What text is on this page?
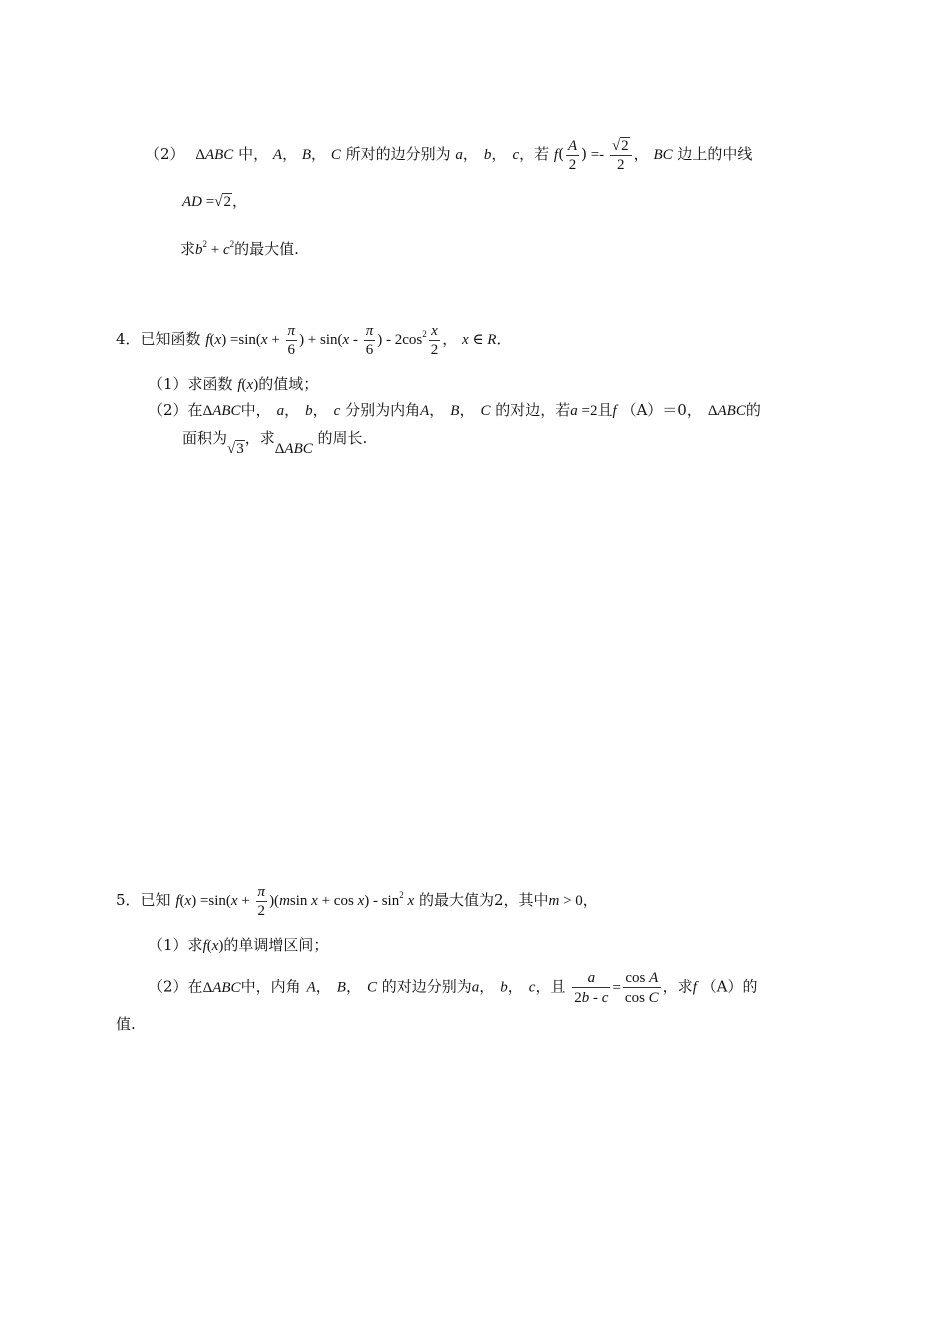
（2） ΔABC 中， A， B， C 所对的边分别为 a， b， c，若 $f( \frac{A}{2}$ ) =- $\frac{√2}{2}$ ， BC 边上的中线
AD =√2，
求$b^2 + c^2$的最大值.
4．已知函数 $f(x) =\sin(x + \frac{\pi}{6}$ ) + $\sin(x - \frac{\pi}{6}$ ) - $2\cos^2 \frac{x}{2}$ ， x ∈ R．
（1）求函数 f(x)的值域；
（2）在ΔABC中， a， b， c 分别为内角A， B， C 的对边，若a =2且f （A）＝0， ΔABC的
面积为√3，求ΔABC 的周长.
5．已知 $f(x) =\sin(x + \frac{\pi}{2} )(msin$ $x + \cos x) - \sin^2 x$ 的最大值为2，其中m > 0，
（1）求f(x)的单调增区间；
（2）在ΔABC中，内角 A， B， C 的对边分别为a， b， c，且 $\frac{a}{2b - c} = \frac{\text{cos A}}{\text{cos C}}$ ，求f （A）的
值.
